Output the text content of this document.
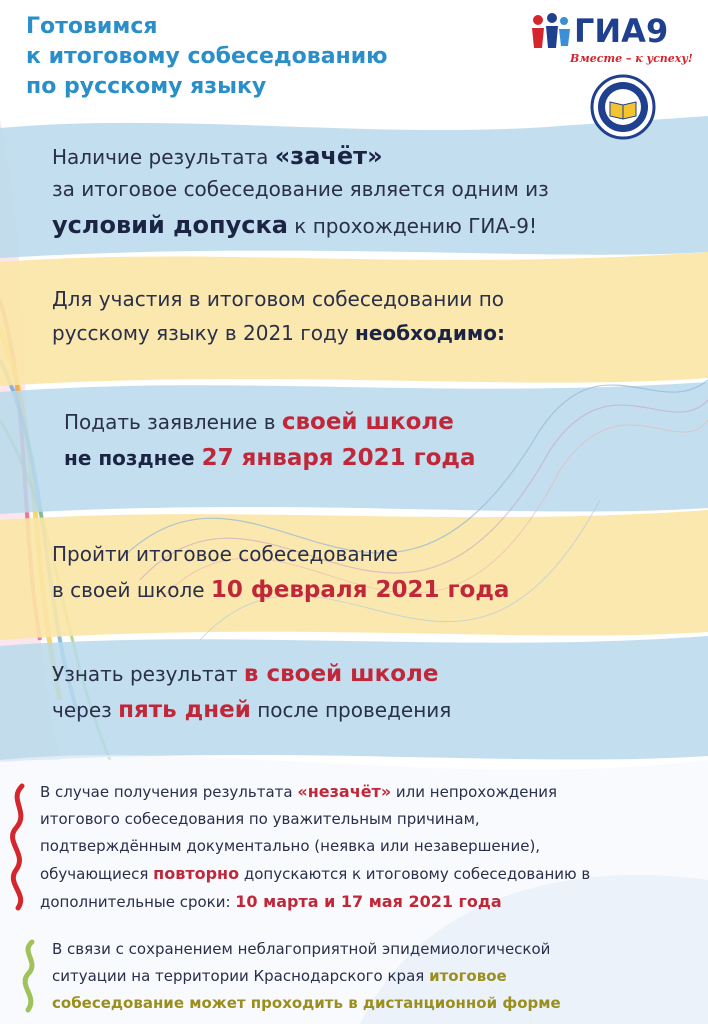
Готовимся
к итоговому собеседованию
по русскому языку
ГИА9
Вместе – к успеху!
Наличие результата «зачёт»
за итоговое собеседование является одним из
условий допуска к прохождению ГИА-9!
Для участия в итоговом собеседовании по
русскому языку в 2021 году необходимо:
Подать заявление в своей школе
не позднее 27 января 2021 года
Пройти итоговое собеседование
в своей школе 10 февраля 2021 года
Узнать результат в своей школе
через пять дней после проведения
В случае получения результата «незачёт» или непрохождения
итогового собеседования по уважительным причинам,
подтверждённым документально (неявка или незавершение),
обучающиеся повторно допускаются к итоговому собеседованию в
дополнительные сроки: 10 марта и 17 мая 2021 года
В связи с сохранением неблагоприятной эпидемиологической
ситуации на территории Краснодарского края итоговое
собеседование может проходить в дистанционной форме
